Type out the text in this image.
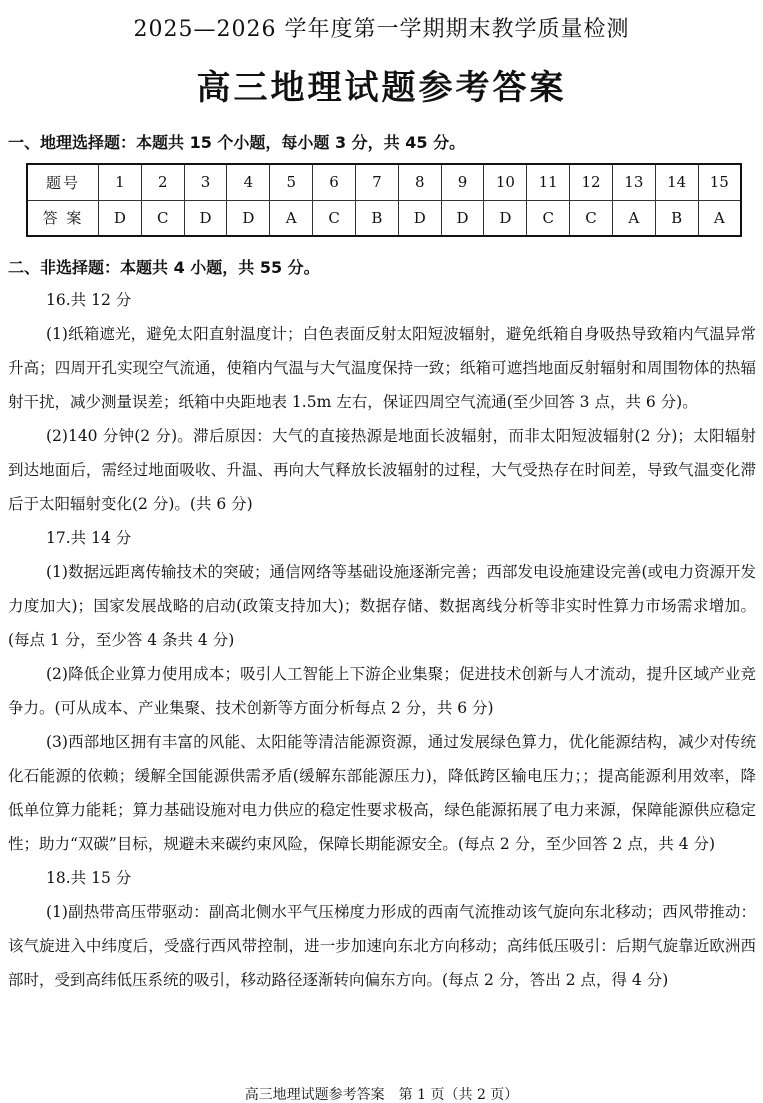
2025—2026 学年度第一学期期末教学质量检测
高三地理试题参考答案
一、地理选择题：本题共 15 个小题，每小题 3 分，共 45 分。
题号	1	2	3	4	5	6	7	8	9	10	11	12	13	14	15
答 案	D	C	D	D	A	C	B	D	D	D	C	C	A	B	A
二、非选择题：本题共 4 小题，共 55 分。

16.共 12 分

(1)纸箱遮光，避免太阳直射温度计；白色表面反射太阳短波辐射，避免纸箱自身吸热导致箱内气温异常升高；四周开孔实现空气流通，使箱内气温与大气温度保持一致；纸箱可遮挡地面反射辐射和周围物体的热辐射干扰，减少测量误差；纸箱中央距地表 1.5m 左右，保证四周空气流通(至少回答 3 点，共 6 分)。

(2)140 分钟(2 分)。滞后原因：大气的直接热源是地面长波辐射，而非太阳短波辐射(2 分)；太阳辐射到达地面后，需经过地面吸收、升温、再向大气释放长波辐射的过程，大气受热存在时间差，导致气温变化滞后于太阳辐射变化(2 分)。(共 6 分)

17.共 14 分

(1)数据远距离传输技术的突破；通信网络等基础设施逐渐完善；西部发电设施建设完善(或电力资源开发力度加大)；国家发展战略的启动(政策支持加大)；数据存储、数据离线分析等非实时性算力市场需求增加。(每点 1 分，至少答 4 条共 4 分)

(2)降低企业算力使用成本；吸引人工智能上下游企业集聚；促进技术创新与人才流动，提升区域产业竞争力。(可从成本、产业集聚、技术创新等方面分析每点 2 分，共 6 分)

(3)西部地区拥有丰富的风能、太阳能等清洁能源资源，通过发展绿色算力，优化能源结构，减少对传统化石能源的依赖；缓解全国能源供需矛盾(缓解东部能源压力)，降低跨区输电压力；；提高能源利用效率，降低单位算力能耗；算力基础设施对电力供应的稳定性要求极高，绿色能源拓展了电力来源，保障能源供应稳定性；助力“双碳”目标，规避未来碳约束风险，保障长期能源安全。(每点 2 分，至少回答 2 点，共 4 分)

18.共 15 分

(1)副热带高压带驱动：副高北侧水平气压梯度力形成的西南气流推动该气旋向东北移动；西风带推动：该气旋进入中纬度后，受盛行西风带控制，进一步加速向东北方向移动；高纬低压吸引：后期气旋靠近欧洲西部时，受到高纬低压系统的吸引，移动路径逐渐转向偏东方向。(每点 2 分，答出 2 点，得 4 分)

高三地理试题参考答案　第 1 页（共 2 页）
